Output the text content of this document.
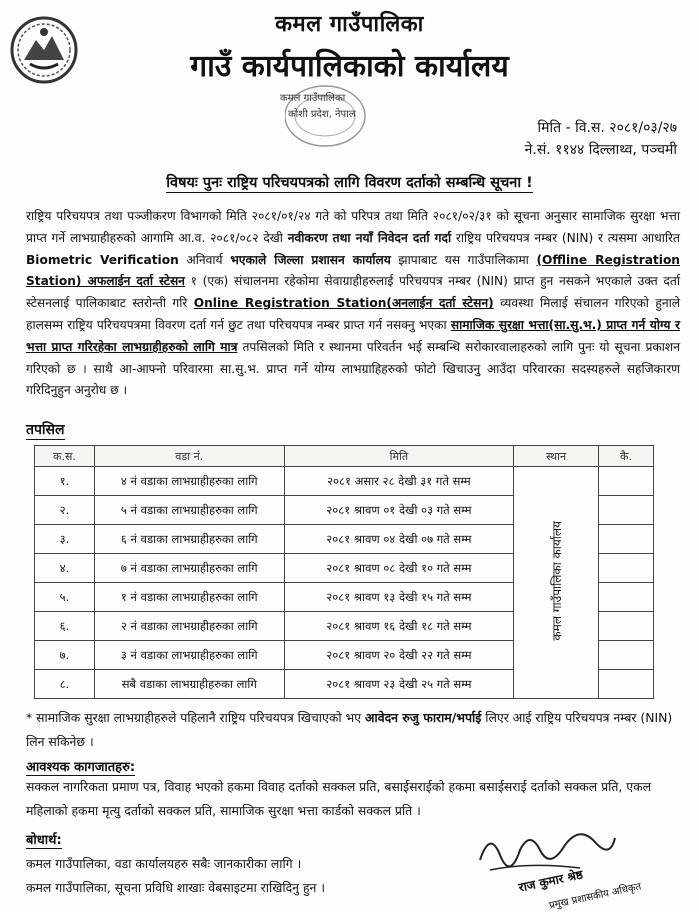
कमल गाउँपालिका
गाउँ कार्यपालिकाको कार्यालय
कमल गाउँपालिका
कोशी प्रदेश, नेपाल
मिति - वि.स. २०८१/०३/२७
ने.सं. ११४४ दिल्लाथ्व, पञ्चमी
विषयः पुनः राष्ट्रिय परिचयपत्रको लागि विवरण दर्ताको सम्बन्धि सूचना !
राष्ट्रिय परिचयपत्र तथा पञ्जीकरण विभागको मिति २०८१/०१/२४ गते को परिपत्र तथा मिति २०८१/०२/३१ को सूचना अनुसार सामाजिक सुरक्षा भत्ता प्राप्त गर्ने लाभग्राहीहरुको आगामि आ.व. २०८१/०८२ देखी नवीकरण तथा नयाँ निवेदन दर्ता गर्दा राष्ट्रिय परिचयपत्र नम्बर (NIN) र त्यसमा आधारित Biometric Verification अनिवार्य भएकाले जिल्ला प्रशासन कार्यालय झापाबाट यस गाउँपालिकामा (Offline Registration Station) अफलाईन दर्ता स्टेसन १ (एक) संचालनमा रहेकोमा सेवाग्राहीहरुलाई परिचयपत्र नम्बर (NIN) प्राप्त हुन नसकने भएकाले उक्त दर्ता स्टेसनलाई पालिकाबाट स्तरोन्ती गरि Online Registration Station(अनलाईन दर्ता स्टेसन) व्यवस्था मिलाई संचालन गरिएको हुनाले हालसम्म राष्ट्रिय परिचयपत्रमा विवरण दर्ता गर्न छुट तथा परिचयपत्र नम्बर प्राप्त गर्न नसक्नु भएका सामाजिक सुरक्षा भत्ता(सा.सु.भ.) प्राप्त गर्न योग्य र भत्ता प्राप्त गरिरहेका लाभग्राहीहरुको लागि मात्र तपसिलको मिति र स्थानमा परिवर्तन भई सम्बन्धि सरोकारवालाहरुको लागि पुनः यो सूचना प्रकाशन गरिएको छ । साथै आ-आफ्नो परिवारमा सा.सु.भ. प्राप्त गर्ने योग्य लाभग्राहिहरुको फोटो खिचाउनु आउँदा परिवारका सदस्यहरुले सहजिकारण गरिदिनुहुन अनुरोध छ ।
तपसिल
क.स.	वडा नं.	मिति	स्थान	कै.
१.	४ नं वडाका लाभग्राहीहरुका लागि	२०८१ असार २८ देखी ३१ गते सम्म	कमल गाउँपालिका कार्यालय	
२.	५ नं वडाका लाभग्राहीहरुका लागि	२०८१ श्रावण ०१ देखी ०३ गते सम्म		
३.	६ नं वडाका लाभग्राहीहरुका लागि	२०८१ श्रावण ०४ देखी ०७ गते सम्म		
४.	७ नं वडाका लाभग्राहीहरुका लागि	२०८१ श्रावण ०८ देखी १० गते सम्म		
५.	१ नं वडाका लाभग्राहीहरुका लागि	२०८१ श्रावण १३ देखी १५ गते सम्म		
६.	२ नं वडाका लाभग्राहीहरुका लागि	२०८१ श्रावण १६ देखी १८ गते सम्म		
७.	३ नं वडाका लाभग्राहीहरुका लागि	२०८१ श्रावण २० देखी २२ गते सम्म		
८.	सबै वडाका लाभग्राहीहरुका लागि	२०८१ श्रावण २३ देखी २५ गते सम्म		
* सामाजिक सुरक्षा लाभग्राहीहरुले पहिलानै राष्ट्रिय परिचयपत्र खिचाएको भए आवेदन रुजु फाराम/भर्पाई लिएर आई राष्ट्रिय परिचयपत्र नम्बर (NIN) लिन सकिनेछ ।
आवश्यक कागजातहरु:
सक्कल नागरिकता प्रमाण पत्र, विवाह भएको हकमा विवाह दर्ताको सक्कल प्रति, बसाईसराईको हकमा बसाईसराई दर्ताको सक्कल प्रति, एकल महिलाको हकमा मृत्यु दर्ताको सक्कल प्रति, सामाजिक सुरक्षा भत्ता कार्डको सक्कल प्रति ।
बोधार्थ:
कमल गाउँपालिका, वडा कार्यालयहरु सबैः जानकारीका लागि ।
कमल गाउँपालिका, सूचना प्रविधि शाखाः वेबसाइटमा राखिदिनु हुन ।	राज कुमार श्रेष्ठ
प्रमुख प्रशासकीय अधिकृत
